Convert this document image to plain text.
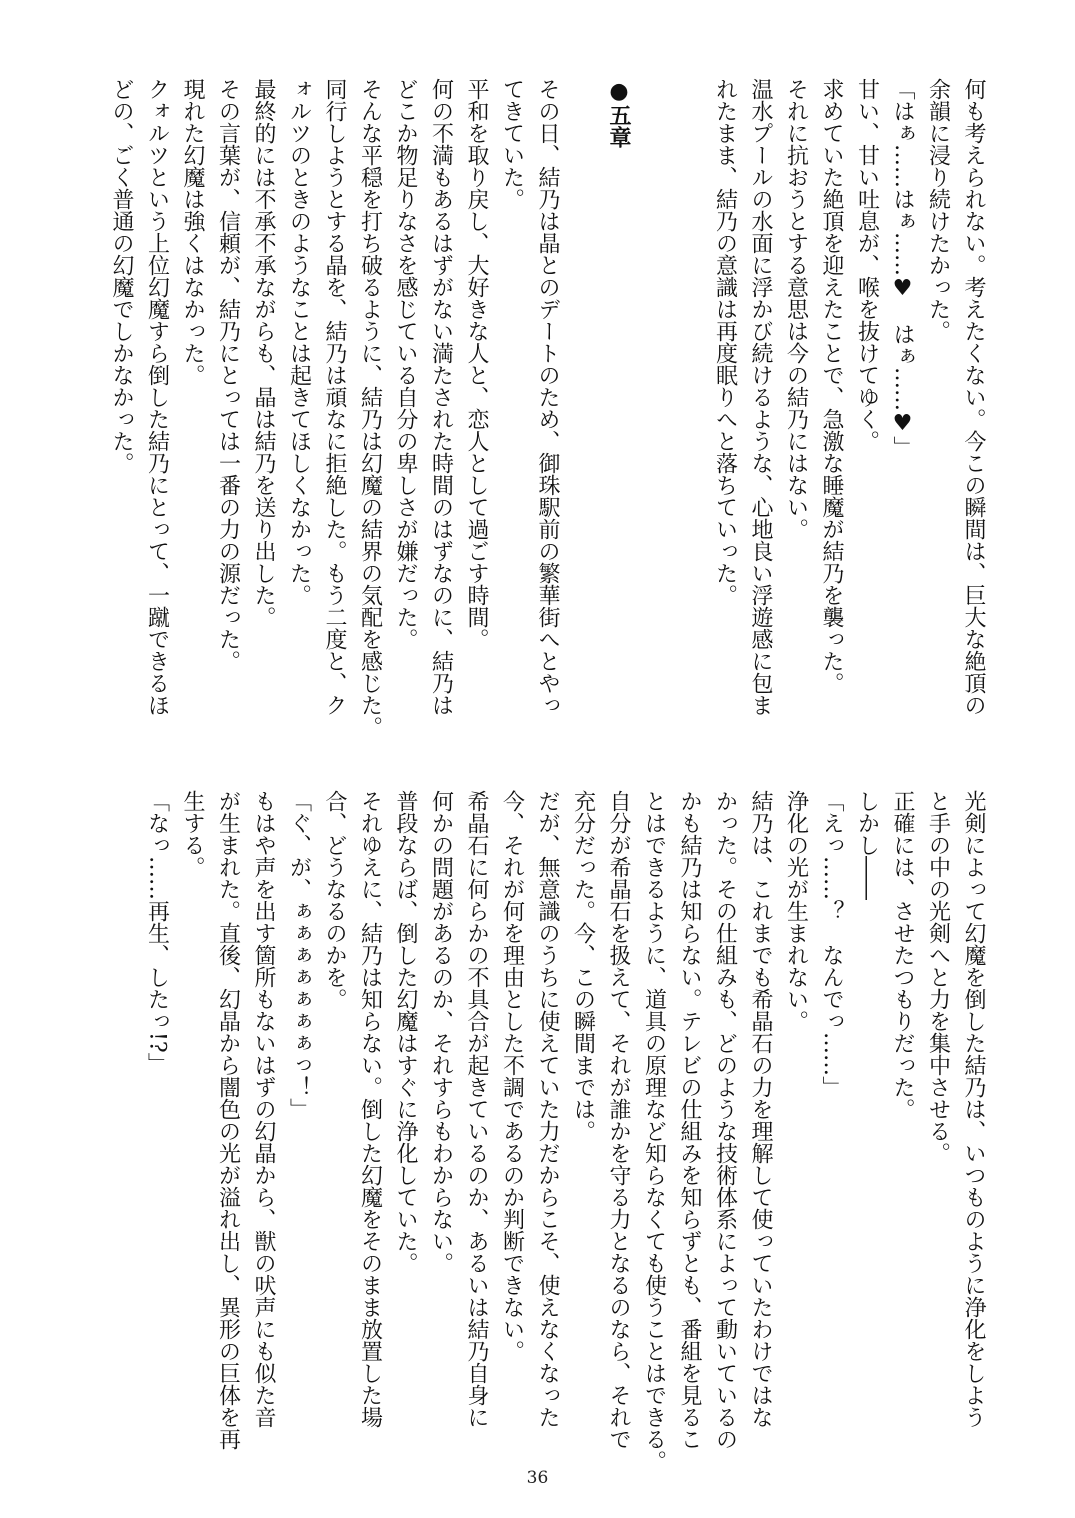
何も考えられない。考えたくない。今この瞬間は、巨大な絶頂の
余韻に浸り続けたかった。
「はぁ……はぁ……♥　はぁ……♥」
甘い、甘い吐息が、喉を抜けてゆく。
求めていた絶頂を迎えたことで、急激な睡魔が結乃を襲った。
それに抗おうとする意思は今の結乃にはない。
温水プールの水面に浮かび続けるような、心地良い浮遊感に包ま
れたまま、結乃の意識は再度眠りへと落ちていった。

●五章

その日、結乃は晶とのデートのため、御珠駅前の繁華街へとやっ
てきていた。
平和を取り戻し、大好きな人と、恋人として過ごす時間。
何の不満もあるはずがない満たされた時間のはずなのに、結乃は
どこか物足りなさを感じている自分の卑しさが嫌だった。
そんな平穏を打ち破るように、結乃は幻魔の結界の気配を感じた。
同行しようとする晶を、結乃は頑なに拒絶した。もう二度と、ク
ォルツのときのようなことは起きてほしくなかった。
最終的には不承不承ながらも、晶は結乃を送り出した。
その言葉が、信頼が、結乃にとっては一番の力の源だった。
現れた幻魔は強くはなかった。
クォルツという上位幻魔すら倒した結乃にとって、一蹴できるほ
どの、ごく普通の幻魔でしかなかった。
光剣によって幻魔を倒した結乃は、いつものように浄化をしよう
と手の中の光剣へと力を集中させる。
正確には、させたつもりだった。
しかし――
「えっ……？　なんでっ……」
浄化の光が生まれない。
結乃は、これまでも希晶石の力を理解して使っていたわけではな
かった。その仕組みも、どのような技術体系によって動いているの
かも結乃は知らない。テレビの仕組みを知らずとも、番組を見るこ
とはできるように、道具の原理など知らなくても使うことはできる。
自分が希晶石を扱えて、それが誰かを守る力となるのなら、それで
充分だった。今、この瞬間までは。
だが、無意識のうちに使えていた力だからこそ、使えなくなった
今、それが何を理由とした不調であるのか判断できない。
希晶石に何らかの不具合が起きているのか、あるいは結乃自身に
何かの問題があるのか、それすらもわからない。
普段ならば、倒した幻魔はすぐに浄化していた。
それゆえに、結乃は知らない。倒した幻魔をそのまま放置した場
合、どうなるのかを。
「ぐ、が、ぁぁぁぁぁぁぁっ！」
もはや声を出す箇所もないはずの幻晶から、獣の吠声にも似た音
が生まれた。直後、幻晶から闇色の光が溢れ出し、異形の巨体を再
生する。
「なっ……再生、したっ!?」
36
